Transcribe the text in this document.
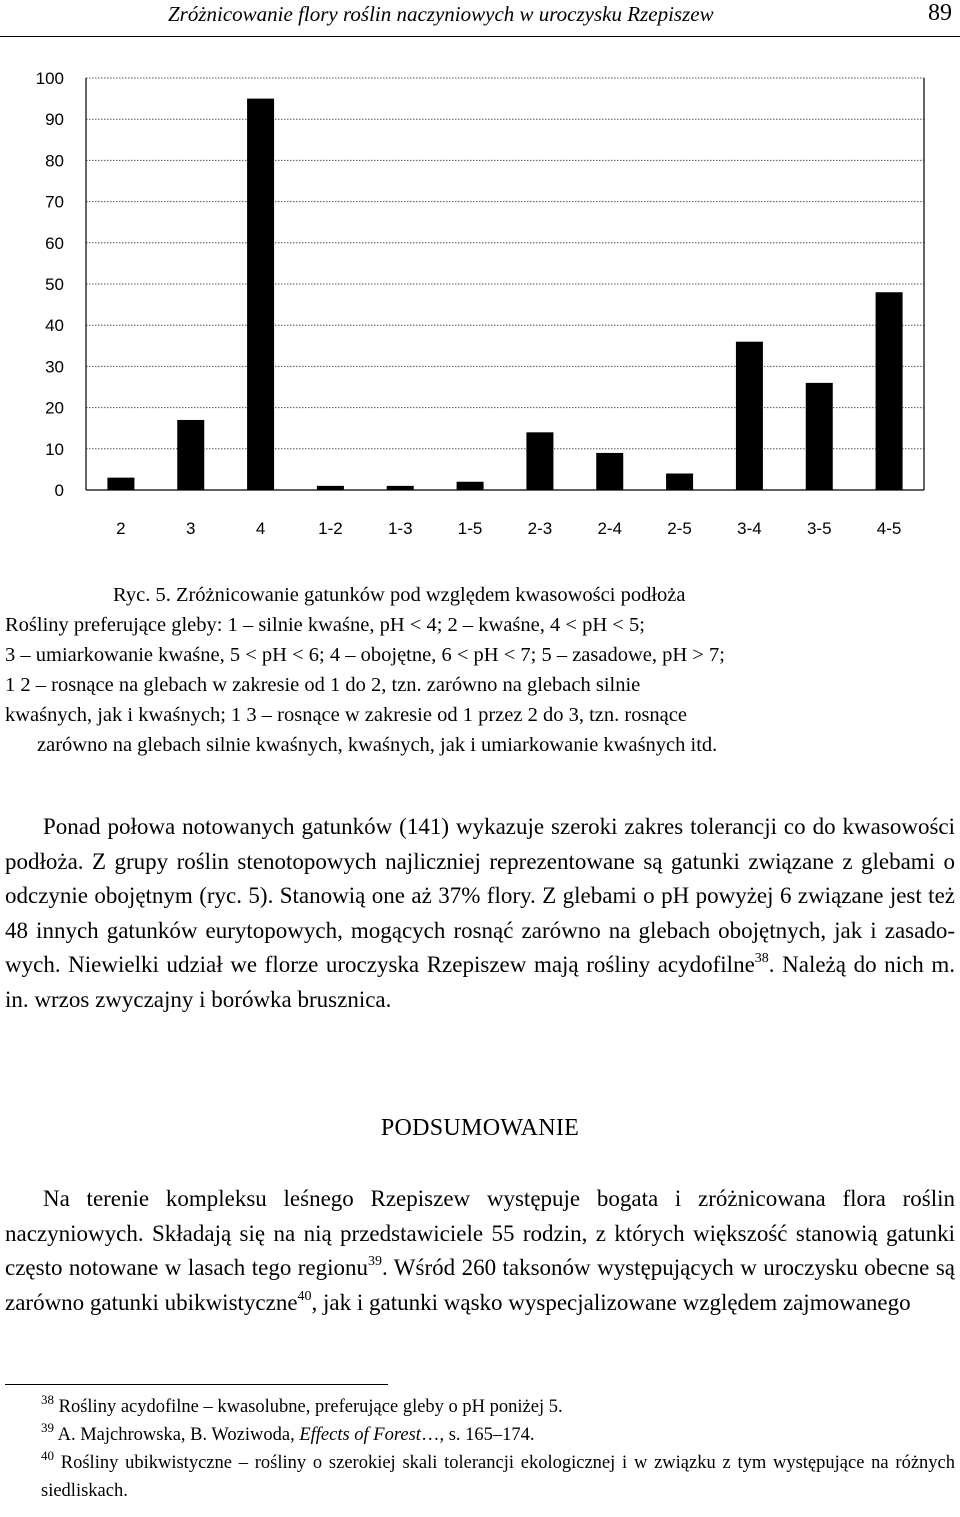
Zróżnicowanie flory roślin naczyniowych w uroczysku Rzepiszew	89
0
10
20
30
40
50
60
70
80
90
100
2	3	4	1-2	1-3	1-5	2-3	2-4	2-5	3-4	3-5	4-5
Ryc. 5. Zróżnicowanie gatunków pod względem kwasowości podłoża
Rośliny preferujące gleby: 1 – silnie kwaśne, pH < 4; 2 – kwaśne, 4 < pH < 5;
3 – umiarkowanie kwaśne, 5 < pH < 6; 4 – obojętne, 6 < pH < 7; 5 – zasadowe, pH > 7;
1 2 – rosnące na glebach w zakresie od 1 do 2, tzn. zarówno na glebach silnie
kwaśnych, jak i kwaśnych; 1 3 – rosnące w zakresie od 1 przez 2 do 3, tzn. rosnące
zarówno na glebach silnie kwaśnych, kwaśnych, jak i umiarkowanie kwaśnych itd.

Ponad połowa notowanych gatunków (141) wykazuje szeroki zakres tolerancji co do kwasowości podłoża. Z grupy roślin stenotopowych najliczniej reprezentowane są gatunki związane z glebami o odczynie obojętnym (ryc. 5). Stanowią one aż 37% flory. Z glebami o pH powyżej 6 związane jest też 48 innych gatunków eurytopowych, mogących rosnąć zarówno na glebach obojętnych, jak i zasadowych. Niewielki udział we florze uroczyska Rzepiszew mają rośliny acydofilne$^{38}$. Należą do nich m. in. wrzos zwyczajny i borówka brusznica.

PODSUMOWANIE

Na terenie kompleksu leśnego Rzepiszew występuje bogata i zróżnicowana flora roślin naczyniowych. Składają się na nią przedstawiciele 55 rodzin, z których większość stanowią gatunki często notowane w lasach tego regionu$^{39}$. Wśród 260 taksonów występujących w uroczysku obecne są zarówno gatunki ubikwistyczne$^{40}$, jak i gatunki wąsko wyspecjalizowane względem zajmowanego

$^{38}$ Rośliny acydofilne – kwasolubne, preferujące gleby o pH poniżej 5.
$^{39}$ A. Majchrowska, B. Woziwoda, Effects of Forest…, s. 165–174.
$^{40}$ Rośliny ubikwistyczne – rośliny o szerokiej skali tolerancji ekologicznej i w związku z tym występujące na różnych siedliskach.
